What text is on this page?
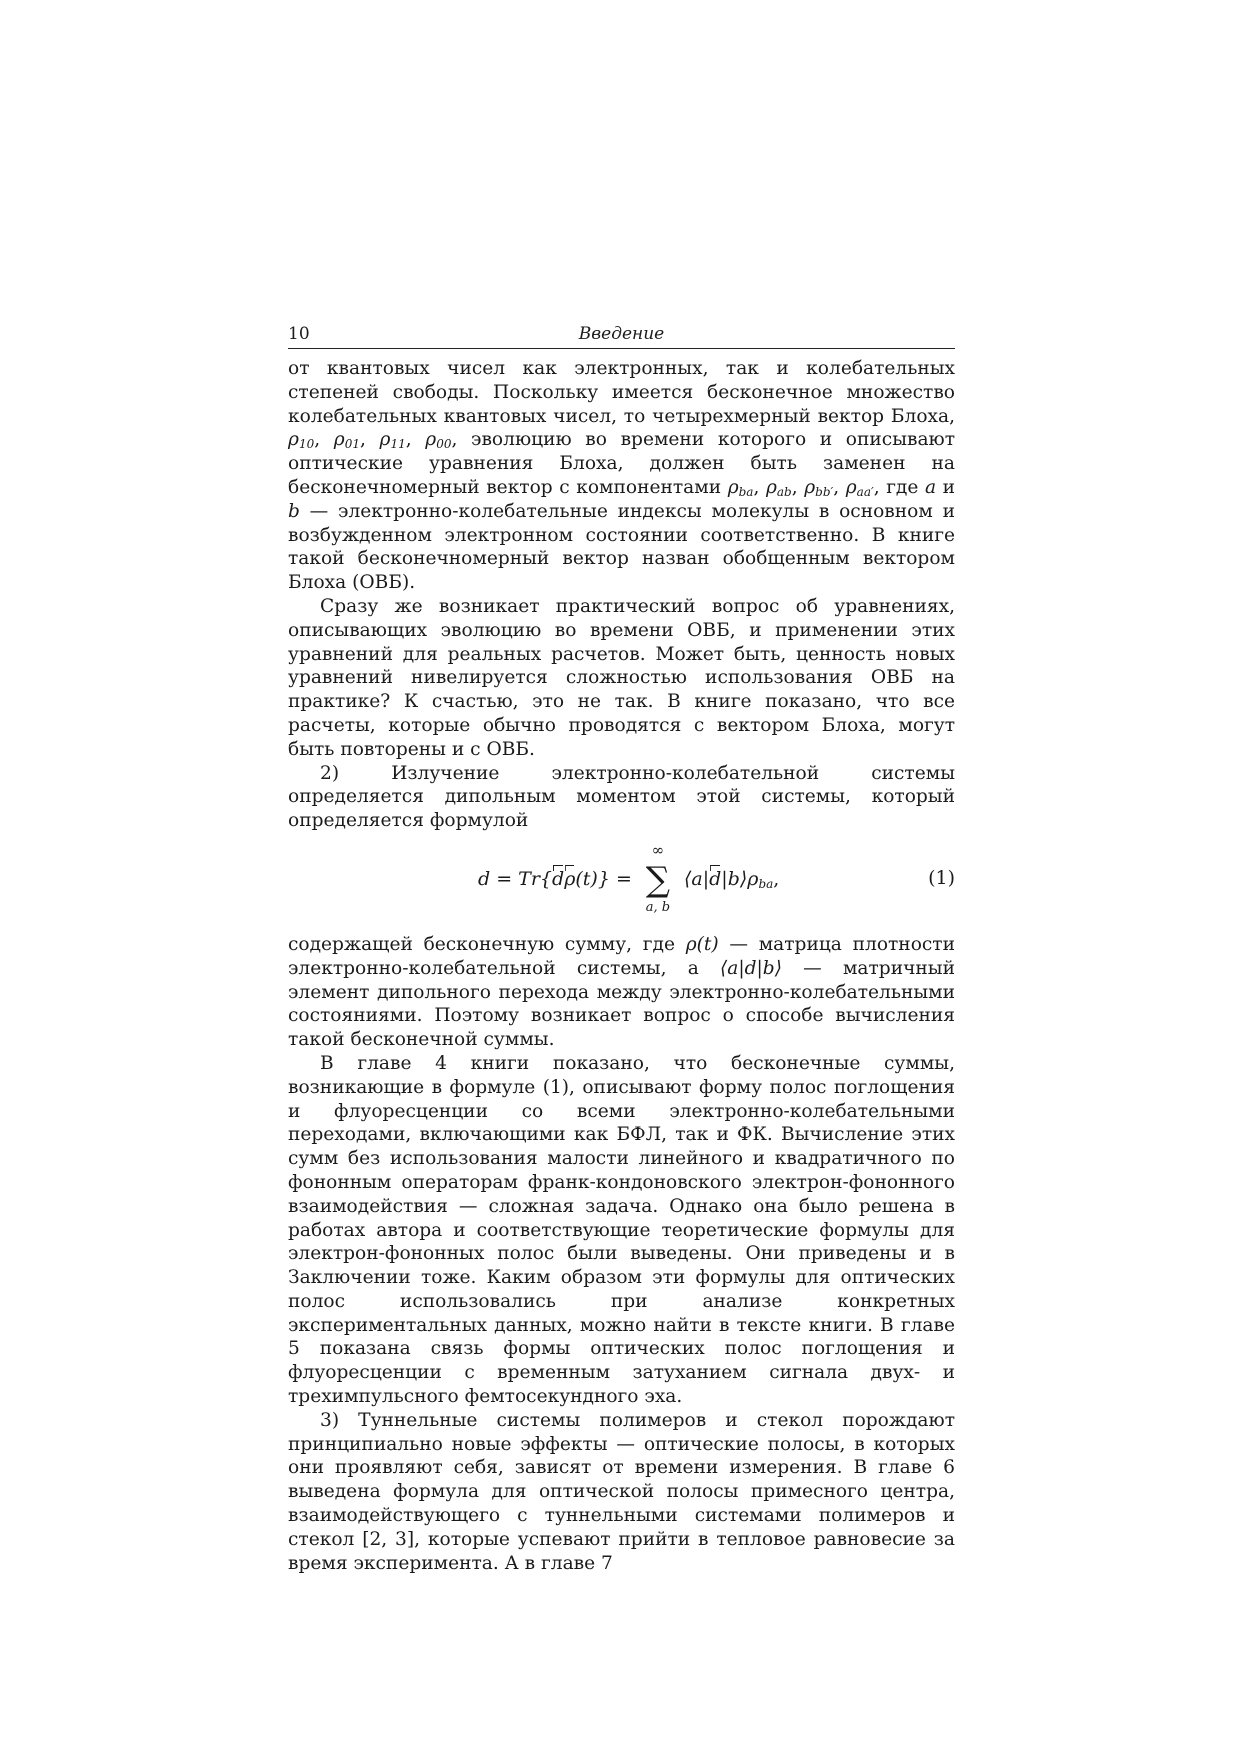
10	Введение

от квантовых чисел как электронных, так и колебательных степеней свободы. Поскольку имеется бесконечное множество колебательных квантовых чисел, то четырехмерный вектор Блоха, $\rho_{10}$, $\rho_{01}$, $\rho_{11}$, $\rho_{00}$, эволюцию во времени которого и описывают оптические уравнения Блоха, должен быть заменен на бесконечномерный вектор с компонентами $\rho_{ba}$, $\rho_{ab}$, $\rho_{bb'}$, $\rho_{aa'}$, где a и b — электронно-колебательные индексы молекулы в основном и возбужденном электронном состоянии соответственно. В книге такой бесконечномерный вектор назван обобщенным вектором Блоха (ОВБ).

Сразу же возникает практический вопрос об уравнениях, описывающих эволюцию во времени ОВБ, и применении этих уравнений для реальных расчетов. Может быть, ценность новых уравнений нивелируется сложностью использования ОВБ на практике? К счастью, это не так. В книге показано, что все расчеты, которые обычно проводятся с вектором Блоха, могут быть повторены и с ОВБ.

2) Излучение электронно-колебательной системы определяется дипольным моментом этой системы, который определяется формулой

d = Tr{dρ(t)} =
∞
∑
a, b
$⟨a|d|b⟩\rho_{ba}$,	(1)

содержащей бесконечную сумму, где ρ(t) — матрица плотности электронно-колебательной системы, а ⟨a|d|b⟩ — матричный элемент дипольного перехода между электронно-колебательными состояниями. Поэтому возникает вопрос о способе вычисления такой бесконечной суммы.

В главе 4 книги показано, что бесконечные суммы, возникающие в формуле (1), описывают форму полос поглощения и флуоресценции со всеми электронно-колебательными переходами, включающими как БФЛ, так и ФК. Вычисление этих сумм без использования малости линейного и квадратичного по фононным операторам франк-кондоновского электрон-фононного взаимодействия — сложная задача. Однако она было решена в работах автора и соответствующие теоретические формулы для электрон-фононных полос были выведены. Они приведены и в Заключении тоже. Каким образом эти формулы для оптических полос использовались при анализе конкретных экспериментальных данных, можно найти в тексте книги. В главе 5 показана связь формы оптических полос поглощения и флуоресценции с временным затуханием сигнала двух- и трехимпульсного фемтосекундного эха.

3) Туннельные системы полимеров и стекол порождают принципиально новые эффекты — оптические полосы, в которых они проявляют себя, зависят от времени измерения. В главе 6 выведена формула для оптической полосы примесного центра, взаимодействующего с туннельными системами полимеров и стекол [2, 3], которые успевают прийти в тепловое равновесие за время эксперимента. А в главе 7
